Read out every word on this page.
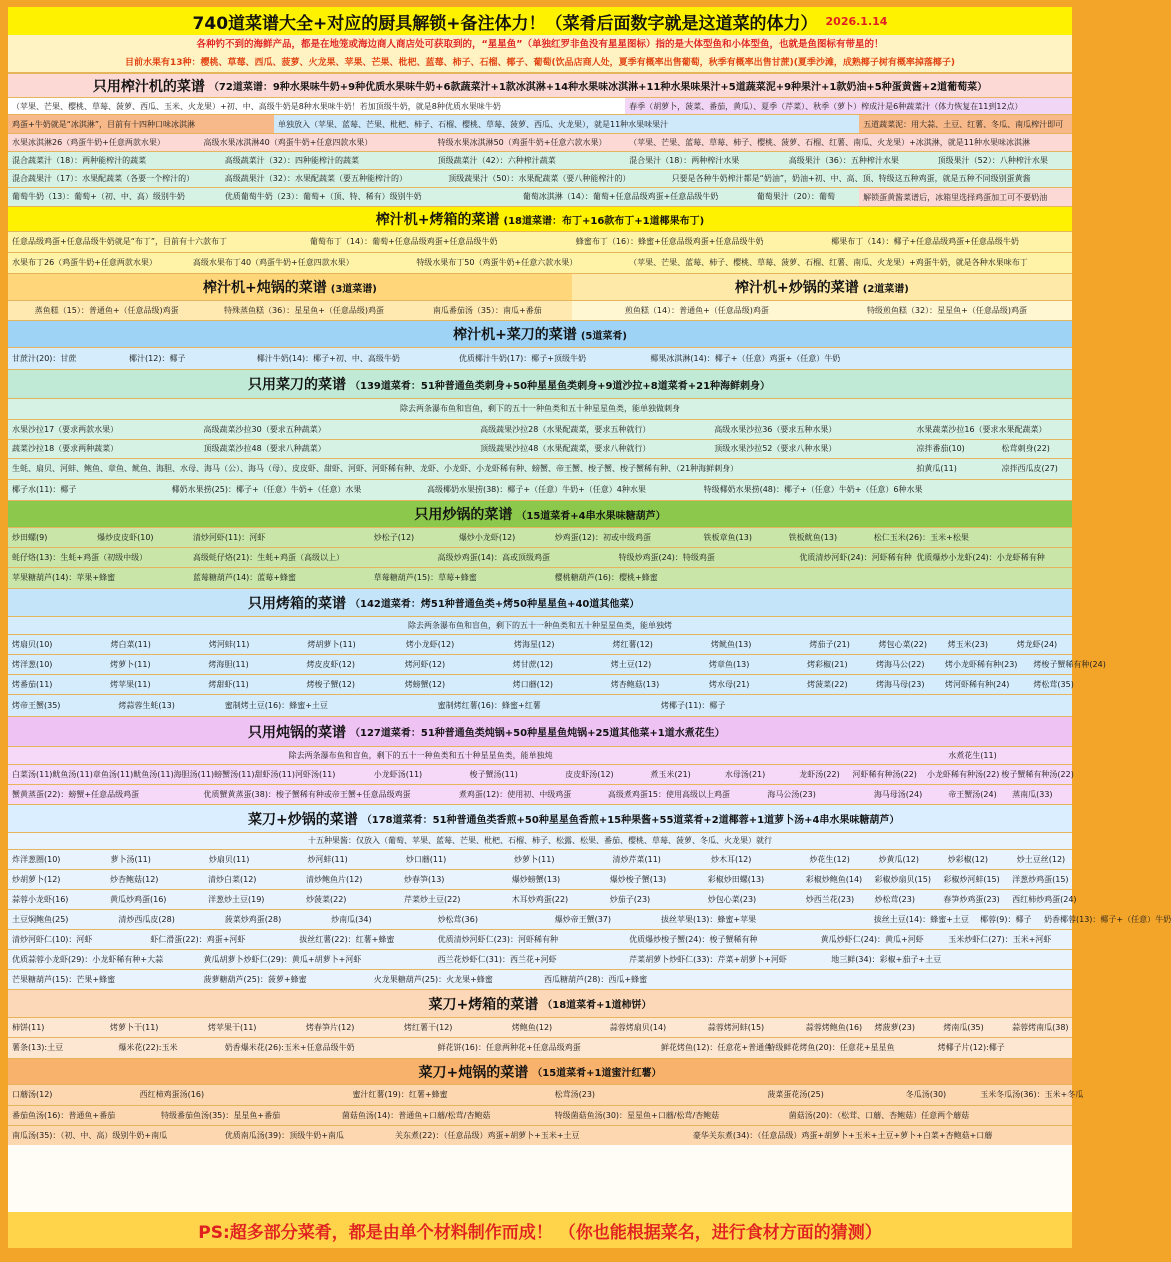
740道菜谱大全+对应的厨具解锁+备注体力！（菜肴后面数字就是这道菜的体力） 2026.1.14
各种钓不到的海鲜产品，都是在地笼或海边商人商店处可获取到的，“星星鱼”（单独红罗非鱼没有星星图标）指的是大体型鱼和小体型鱼，也就是鱼图标有带星的！
目前水果有13种：樱桃、草莓、西瓜、菠萝、火龙果、苹果、芒果、枇杷、蓝莓、柿子、石榴、椰子、葡萄(饮品店商人处，夏季有概率出售葡萄，秋季有概率出售甘蔗)(夏季沙滩，成熟椰子树有概率掉落椰子)
只用榨汁机的菜谱 （72道菜谱：9种水果味牛奶+9种优质水果味牛奶+6款蔬菜汁+1款冰淇淋+14种水果味冰淇淋+11种水果味果汁+5道蔬菜泥+9种果汁+1款奶油+5种蛋黄酱+2道葡萄菜）
（苹果、芒果、樱桃、草莓、菠萝、西瓜、玉米、火龙果）+初、中、高级牛奶是8种水果味牛奶！若加顶级牛奶，就是8种优质水果味牛奶	春季（胡萝卜，菠菜、番茄，黄瓜）、夏季（芹菜）、秋季（萝卜）榨成汁是6种蔬菜汁（体力恢复在11到12点）
鸡蛋+牛奶就是“冰淇淋”，目前有十四种口味冰淇淋	单独放入（苹果、蓝莓、芒果、枇杷、柿子、石榴、樱桃、草莓、菠萝、西瓜、火龙果），就是11种水果味果汁	五道蔬菜泥：用大蒜、土豆、红薯、冬瓜、南瓜榨汁即可
水果冰淇淋26（鸡蛋牛奶+任意两款水果）	高级水果冰淇淋40（鸡蛋牛奶+任意四款水果）	特级水果冰淇淋50（鸡蛋牛奶+任意六款水果）	（苹果、芒果、蓝莓、草莓、柿子、樱桃、菠萝、石榴、红薯、南瓜、火龙果）+冰淇淋，就是11种水果味冰淇淋
混合蔬菜汁（18）：两种能榨汁的蔬菜	高级蔬菜汁（32）：四种能榨汁的蔬菜	顶级蔬菜汁（42）：六种榨汁蔬菜	混合果汁（18）：两种榨汁水果	高级果汁（36）：五种榨汁水果	顶级果汁（52）：八种榨汁水果
混合蔬果汁（17）：水果配蔬菜（各要一个榨汁的）	高级蔬果汁（32）：水果配蔬菜（要五种能榨汁的）	顶级蔬果汁（50）：水果配蔬菜（要八种能榨汁的）	只要是各种牛奶榨汁都是“奶油”，奶油+初、中、高、顶、特级这五种鸡蛋，就是五种不同级别蛋黄酱
葡萄牛奶（13）：葡萄+（初、中、高）级别牛奶	优质葡萄牛奶（23）：葡萄+（顶、特、稀有）级别牛奶	葡萄冰淇淋（14）：葡萄+任意品级鸡蛋+任意品级牛奶	葡萄果汁（20）：葡萄	解锁蛋黄酱菜谱后，冰箱里选择鸡蛋加工可不要奶油
榨汁机+烤箱的菜谱 (18道菜谱：布丁+16款布丁+1道椰果布丁)
任意品级鸡蛋+任意品级牛奶就是“布丁”，目前有十六款布丁	葡萄布丁（14）：葡萄+任意品级鸡蛋+任意品级牛奶	蜂蜜布丁（16）：蜂蜜+任意品级鸡蛋+任意品级牛奶	椰果布丁（14）：椰子+任意品级鸡蛋+任意品级牛奶
水果布丁26（鸡蛋牛奶+任意两款水果）	高级水果布丁40（鸡蛋牛奶+任意四款水果）	特级水果布丁50（鸡蛋牛奶+任意六款水果）	（苹果、芒果、蓝莓、柿子、樱桃、草莓、菠萝、石榴、红薯、南瓜、火龙果）+鸡蛋牛奶，就是各种水果味布丁
榨汁机+炖锅的菜谱 (3道菜谱)	榨汁机+炒锅的菜谱 (2道菜谱)
蒸鱼糕（15）：普通鱼+（任意品级)鸡蛋	特殊蒸鱼糕（36）：星星鱼+（任意品级)鸡蛋	南瓜番茄汤（35）：南瓜+番茄	煎鱼糕（14）：普通鱼+（任意品级)鸡蛋	特级煎鱼糕（32）：星星鱼+（任意品级)鸡蛋
榨汁机+菜刀的菜谱 (5道菜肴)
甘蔗汁(20)：甘蔗	椰汁(12)：椰子	椰汁牛奶(14)：椰子+初、中、高级牛奶	优质椰汁牛奶(17)：椰子+顶级牛奶	椰果冰淇淋(14)：椰子+（任意）鸡蛋+（任意）牛奶
只用菜刀的菜谱 （139道菜肴：51种普通鱼类刺身+50种星星鱼类刺身+9道沙拉+8道菜肴+21种海鲜刺身）
除去两条瀑布鱼和盲鱼，剩下的五十一种鱼类和五十种星星鱼类，能单独做刺身
水果沙拉17（要求两款水果）	高级蔬菜沙拉30（要求五种蔬菜）	高级蔬果沙拉28（水果配蔬菜，要求五种就行）	高级水果沙拉36（要求五种水果）	水果蔬菜沙拉16（要求水果配蔬菜）
蔬菜沙拉18（要求两种蔬菜）	顶级蔬菜沙拉48（要求八种蔬菜）	顶级蔬果沙拉48（水果配蔬菜，要求八种就行）	顶级水果沙拉52（要求八种水果）	凉拌番茄(10)	松茸刺身(22)
生蚝、扇贝、河蚌、鲍鱼、章鱼、鱿鱼、海胆、水母、海马（公）、海马（母）、皮皮虾、甜虾、河虾、河虾稀有种、龙虾、小龙虾、小龙虾稀有种、螃蟹、帝王蟹、梭子蟹、梭子蟹稀有种、（21种海鲜刺身）	拍黄瓜(11)	凉拌西瓜皮(27)
椰子水(11)：椰子	椰奶水果捞(25)：椰子+（任意）牛奶+（任意）水果	高级椰奶水果捞(38)：椰子+（任意）牛奶+（任意）4种水果	特级椰奶水果捞(48)：椰子+（任意）牛奶+（任意）6种水果
只用炒锅的菜谱 （15道菜肴+4串水果味糖葫芦）
炒田螺(9)	爆炒皮皮虾(10)	清炒河虾(11)：河虾	炒松子(12)	爆炒小龙虾(12)	炒鸡蛋(12)：初或中级鸡蛋	铁板章鱼(13)	铁板鱿鱼(13)	松仁玉米(26)：玉米+松果
蚝仔烙(13)：生蚝+鸡蛋（初级中级）	高级蚝仔烙(21)：生蚝+鸡蛋（高级以上）	高级炒鸡蛋(14)：高或顶级鸡蛋	特级炒鸡蛋(24)：特级鸡蛋	优质清炒河虾(24)：河虾稀有种 优质爆炒小龙虾(24)：小龙虾稀有种
苹果糖葫芦(14)：苹果+蜂蜜	蓝莓糖葫芦(14)：蓝莓+蜂蜜	草莓糖葫芦(15)：草莓+蜂蜜	樱桃糖葫芦(16)：樱桃+蜂蜜
只用烤箱的菜谱 （142道菜肴：烤51种普通鱼类+烤50种星星鱼+40道其他菜）
除去两条瀑布鱼和盲鱼，剩下的五十一种鱼类和五十种星星鱼类，能单独烤
烤扇贝(10)	烤白菜(11)	烤河蚌(11)	烤胡萝卜(11)	烤小龙虾(12)	烤海星(12)	烤红薯(12)	烤鱿鱼(13)	烤茄子(21)	烤包心菜(22)	烤玉米(23)	烤龙虾(24)
烤洋葱(10)	烤萝卜(11)	烤海胆(11)	烤皮皮虾(12)	烤河虾(12)	烤甘蔗(12)	烤土豆(12)	烤章鱼(13)	烤彩椒(21)	烤海马公(22)	烤小龙虾稀有种(23)	烤梭子蟹稀有种(24)
烤番茄(11)	烤苹果(11)	烤甜虾(11)	烤梭子蟹(12)	烤螃蟹(12)	烤口蘑(12)	烤杏鲍菇(13)	烤水母(21)	烤菠菜(22)	烤海马母(23)	烤河虾稀有种(24)	烤松茸(35)
烤帝王蟹(35)	烤蒜蓉生蚝(13)	蜜制烤土豆(16)：蜂蜜+土豆	蜜制烤红薯(16)：蜂蜜+红薯	烤椰子(11)：椰子
只用炖锅的菜谱 （127道菜肴：51种普通鱼类炖锅+50种星星鱼炖锅+25道其他菜+1道水煮花生）
除去两条瀑布鱼和盲鱼，剩下的五十一种鱼类和五十种星星鱼类，能单独炖	水煮花生(11)
白菜汤(11)鱿鱼汤(11)章鱼汤(11)鱿鱼汤(11)海胆汤(11)螃蟹汤(11)甜虾汤(11)河虾汤(11)	小龙虾汤(11)	梭子蟹汤(11)	皮皮虾汤(12)	煮玉米(21)	水母汤(21)	龙虾汤(22)	河虾稀有种汤(22)	小龙虾稀有种汤(22) 梭子蟹稀有种汤(22)
蟹黄蒸蛋(22)：螃蟹+任意品级鸡蛋	优质蟹黄蒸蛋(38)：梭子蟹稀有种或帝王蟹+任意品级鸡蛋	煮鸡蛋(12)：使用初、中级鸡蛋	高级煮鸡蛋15：使用高级以上鸡蛋	海马公汤(23)	海马母汤(24)	帝王蟹汤(24)	蒸南瓜(33)
菜刀+炒锅的菜谱 （178道菜肴：51种普通鱼类香煎+50种星星鱼香煎+15种果酱+55道菜肴+2道椰蓉+1道萝卜汤+4串水果味糖葫芦）
十五种果酱：仅放入（葡萄、苹果、蓝莓、芒果、枇杷、石榴、柿子、松露、松果、番茄、樱桃、草莓、菠萝、冬瓜、火龙果）就行
炸洋葱圈(10)	萝卜汤(11)	炒扇贝(11)	炒河蚌(11)	炒口蘑(11)	炒萝卜(11)	清炒芹菜(11)	炒木耳(12)	炒花生(12)	炒黄瓜(12)	炒彩椒(12)	炒土豆丝(12)
炒胡萝卜(12)	炒杏鲍菇(12)	清炒白菜(12)	清炒鲍鱼片(12)	炒春笋(13)	爆炒螃蟹(13)	爆炒梭子蟹(13)	彩椒炒田螺(13)	彩椒炒鲍鱼(14)	彩椒炒扇贝(15)	彩椒炒河蚌(15)	洋葱炒鸡蛋(15)
蒜蓉小龙虾(16)	黄瓜炒鸡蛋(16)	洋葱炒土豆(19)	炒菠菜(22)	芹菜炒土豆(22)	木耳炒鸡蛋(22)	炒茄子(23)	炒包心菜(23)	炒西兰花(23)	炒松茸(23)	春笋炒鸡蛋(23)	西红柿炒鸡蛋(24)
土豆焖鲍鱼(25)	清炒西瓜皮(28)	菠菜炒鸡蛋(28)	炒南瓜(34)	炒松茸(36)	爆炒帝王蟹(37)	拔丝苹果(13)：蜂蜜+苹果	拔丝土豆(14)：蜂蜜+土豆	椰蓉(9)：椰子	奶香椰蓉(13)：椰子+（任意）牛奶
清炒河虾仁(10)：河虾	虾仁滑蛋(22)：鸡蛋+河虾	拔丝红薯(22)：红薯+蜂蜜	优质清炒河虾仁(23)：河虾稀有种	优质爆炒梭子蟹(24)：梭子蟹稀有种	黄瓜炒虾仁(24)：黄瓜+河虾	玉米炒虾仁(27)：玉米+河虾
优质蒜蓉小龙虾(29)：小龙虾稀有种+大蒜	黄瓜胡萝卜炒虾仁(29)：黄瓜+胡萝卜+河虾	西兰花炒虾仁(31)：西兰花+河虾	芹菜胡萝卜炒虾仁(33)：芹菜+胡萝卜+河虾	地三鲜(34)：彩椒+茄子+土豆
芒果糖葫芦(15)：芒果+蜂蜜	菠萝糖葫芦(25)：菠萝+蜂蜜	火龙果糖葫芦(25)：火龙果+蜂蜜	西瓜糖葫芦(28)：西瓜+蜂蜜
菜刀+烤箱的菜谱 （18道菜肴+1道柿饼）
柿饼(11)	烤萝卜干(11)	烤苹果干(11)	烤春笋片(12)	烤红薯干(12)	烤鲍鱼(12)	蒜蓉烤扇贝(14)	蒜蓉烤河蚌(15)	蒜蓉烤鲍鱼(16)	烤菠萝(23)	烤南瓜(35)	蒜蓉烤南瓜(38)
薯条(13):土豆	爆米花(22):玉米	奶香爆米花(26):玉米+任意品级牛奶	鲜花饼(16)：任意两种花+任意品级鸡蛋	鲜花烤鱼(12)：任意花+普通鱼
特级鲜花烤鱼(20)：任意花+星星鱼	烤椰子片(12):椰子
菜刀+炖锅的菜谱 （15道菜肴+1道蜜汁红薯）
口蘑汤(12)	西红柿鸡蛋汤(16)	蜜汁红薯(19)：红薯+蜂蜜	松茸汤(23)	菠菜蛋花汤(25)	冬瓜汤(30)	玉米冬瓜汤(36)：玉米+冬瓜
番茄鱼汤(16)：普通鱼+番茄	特级番茄鱼汤(35)：星星鱼+番茄	菌菇鱼汤(14)：普通鱼+口蘑/松茸/杏鲍菇	特级菌菇鱼汤(30)：星星鱼+口蘑/松茸/杏鲍菇	菌菇汤(20)：（松茸、口蘑、杏鲍菇）任意两个蘑菇
南瓜汤(35)：（初、中、高）级别牛奶+南瓜	优质南瓜汤(39)：顶级牛奶+南瓜	关东煮(22)：（任意品级）鸡蛋+胡萝卜+玉米+土豆	豪华关东煮(34)：（任意品级）鸡蛋+胡萝卜+玉米+土豆+萝卜+白菜+杏鲍菇+口蘑
PS:超多部分菜肴，都是由单个材料制作而成！ （你也能根据菜名，进行食材方面的猜测）
